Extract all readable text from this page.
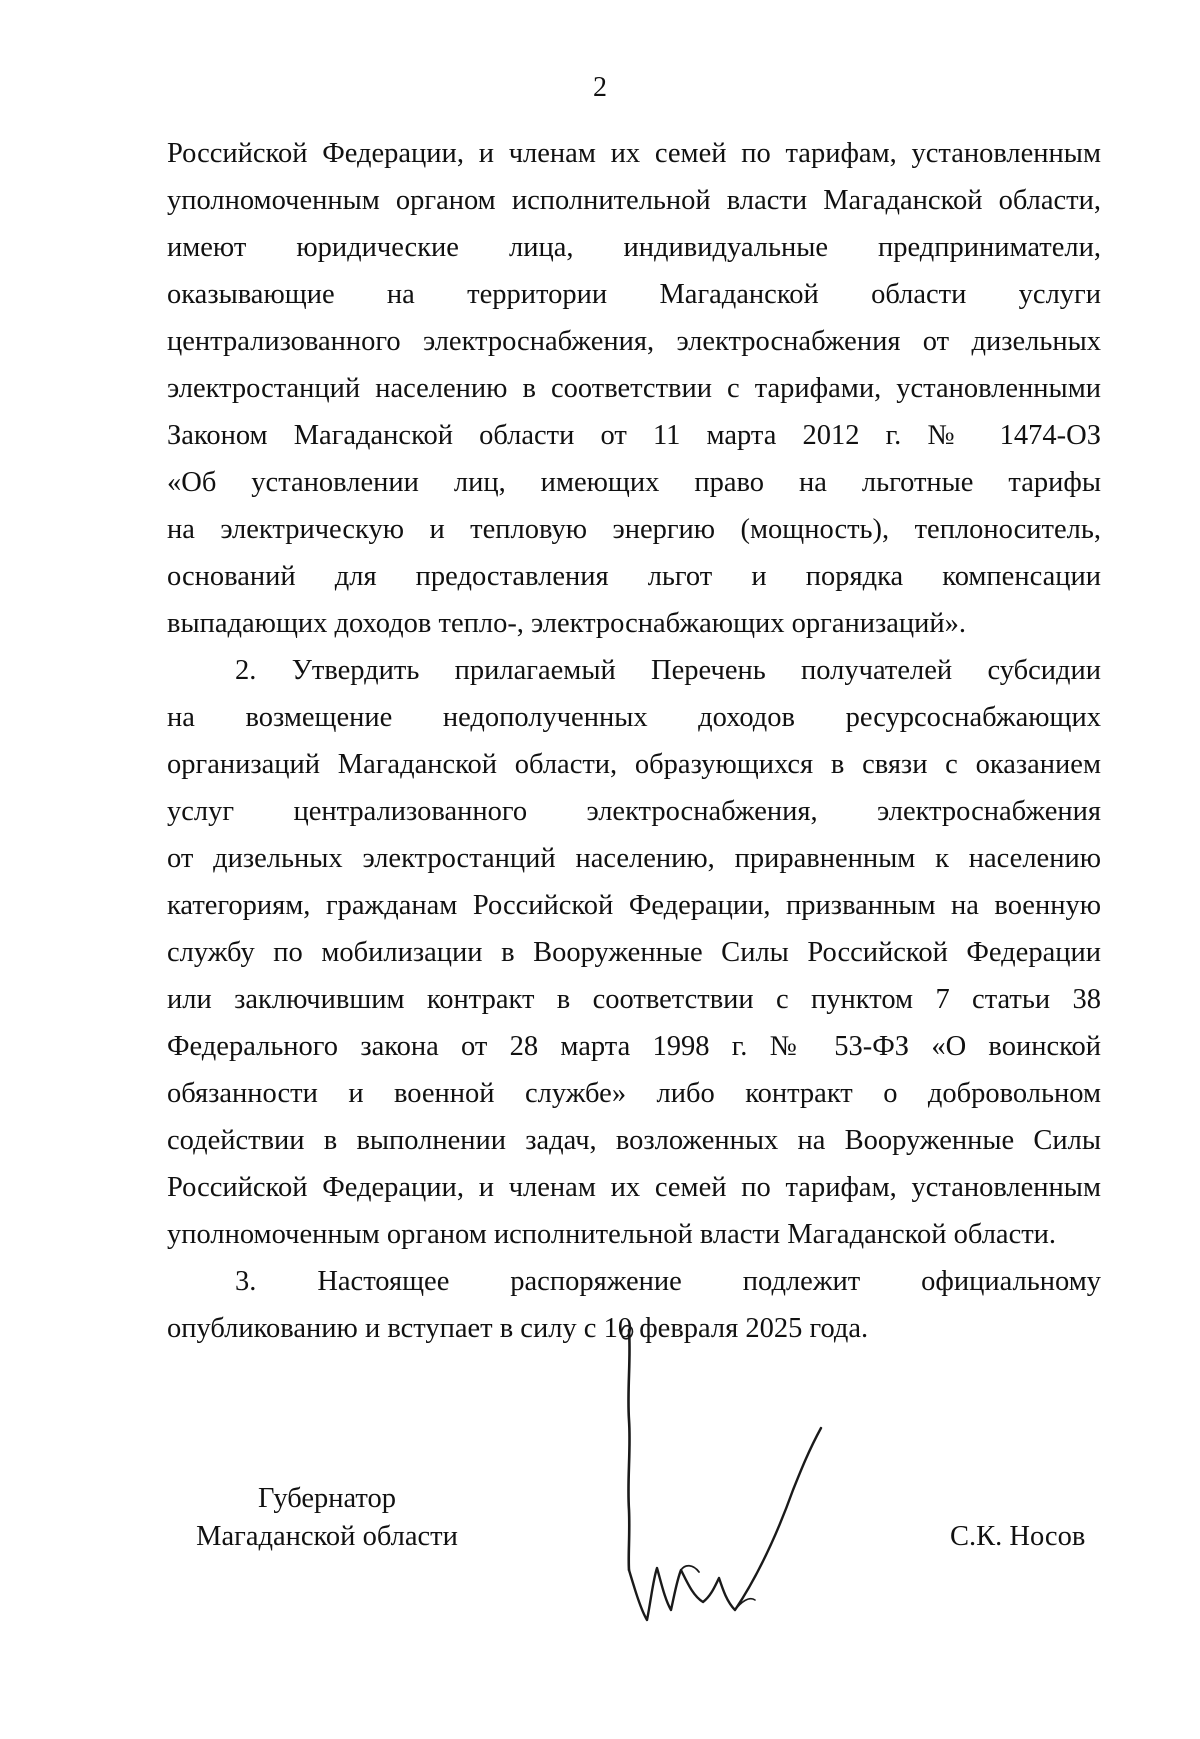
2
Российской Федерации, и членам их семей по тарифам, установленным
уполномоченным органом исполнительной власти Магаданской области,
имеют юридические лица, индивидуальные предприниматели,
оказывающие на территории Магаданской области услуги
централизованного электроснабжения, электроснабжения от дизельных
электростанций населению в соответствии с тарифами, установленными
Законом Магаданской области от 11 марта 2012 г. № 1474-ОЗ
«Об установлении лиц, имеющих право на льготные тарифы
на электрическую и тепловую энергию (мощность), теплоноситель,
оснований для предоставления льгот и порядка компенсации
выпадающих доходов тепло-, электроснабжающих организаций».
2. Утвердить прилагаемый Перечень получателей субсидии
на возмещение недополученных доходов ресурсоснабжающих
организаций Магаданской области, образующихся в связи с оказанием
услуг централизованного электроснабжения, электроснабжения
от дизельных электростанций населению, приравненным к населению
категориям, гражданам Российской Федерации, призванным на военную
службу по мобилизации в Вооруженные Силы Российской Федерации
или заключившим контракт в соответствии с пунктом 7 статьи 38
Федерального закона от 28 марта 1998 г. № 53-ФЗ «О воинской
обязанности и военной службе» либо контракт о добровольном
содействии в выполнении задач, возложенных на Вооруженные Силы
Российской Федерации, и членам их семей по тарифам, установленным
уполномоченным органом исполнительной власти Магаданской области.
3. Настоящее распоряжение подлежит официальному
опубликованию и вступает в силу с 10 февраля 2025 года.
Губернатор
Магаданской области	С.К. Носов
